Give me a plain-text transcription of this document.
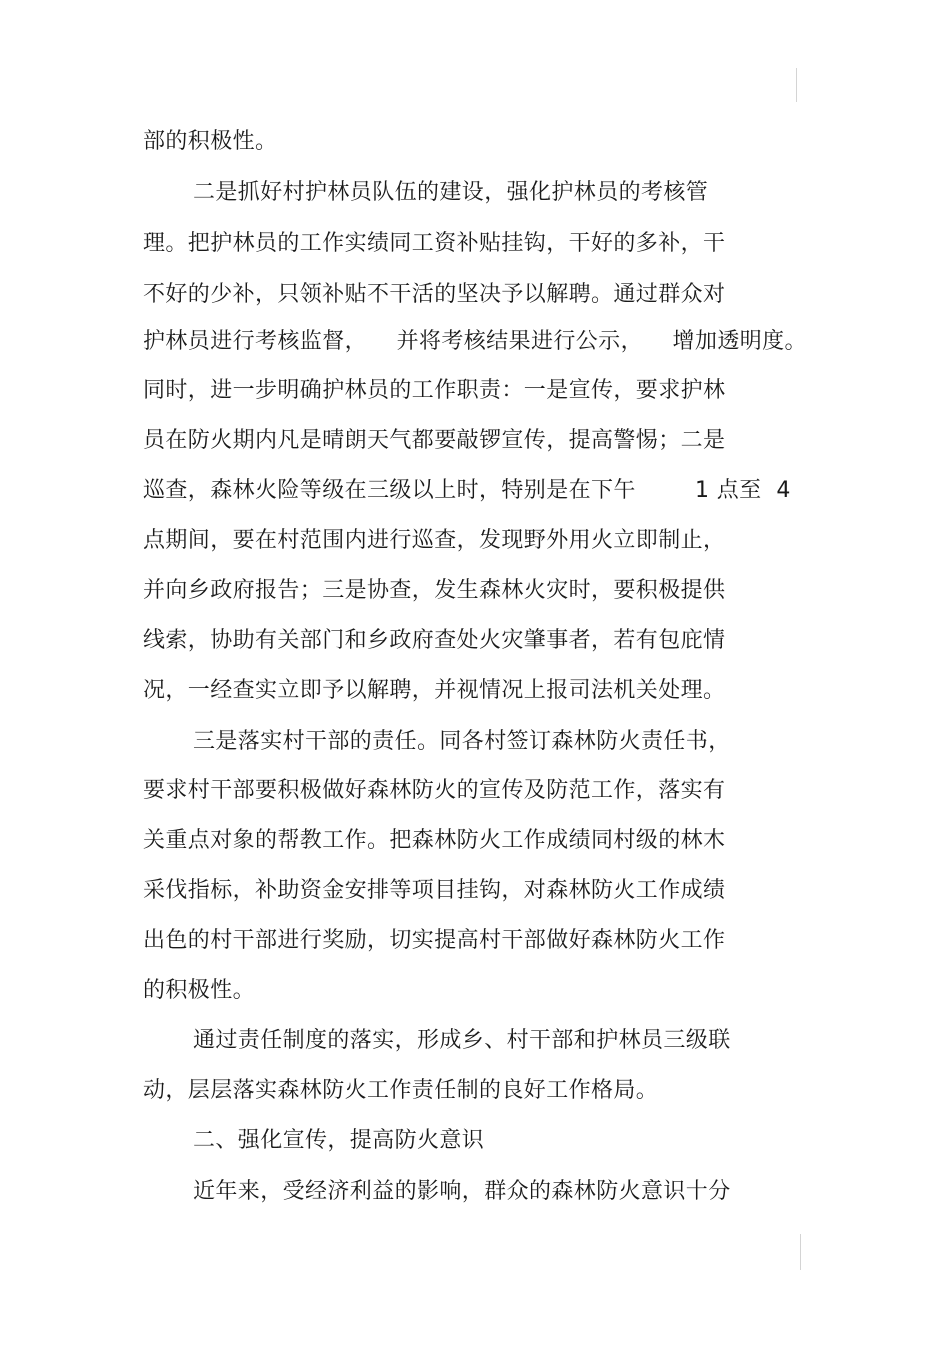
部的积极性。
二是抓好村护林员队伍的建设，强化护林员的考核管
理。把护林员的工作实绩同工资补贴挂钩，干好的多补，干
不好的少补，只领补贴不干活的坚决予以解聘。通过群众对
护林员进行考核监督，    并将考核结果进行公示，    增加透明度。
同时，进一步明确护林员的工作职责：一是宣传，要求护林
员在防火期内凡是晴朗天气都要敲锣宣传，提高警惕；二是
巡查，森林火险等级在三级以上时，特别是在下午        1 点至  4
点期间，要在村范围内进行巡查，发现野外用火立即制止，
并向乡政府报告；三是协查，发生森林火灾时，要积极提供
线索，协助有关部门和乡政府查处火灾肇事者，若有包庇情
况，一经查实立即予以解聘，并视情况上报司法机关处理。
三是落实村干部的责任。同各村签订森林防火责任书，
要求村干部要积极做好森林防火的宣传及防范工作，落实有
关重点对象的帮教工作。把森林防火工作成绩同村级的林木
采伐指标，补助资金安排等项目挂钩，对森林防火工作成绩
出色的村干部进行奖励，切实提高村干部做好森林防火工作
的积极性。
通过责任制度的落实，形成乡、村干部和护林员三级联
动，层层落实森林防火工作责任制的良好工作格局。
二、强化宣传，提高防火意识
近年来，受经济利益的影响，群众的森林防火意识十分
